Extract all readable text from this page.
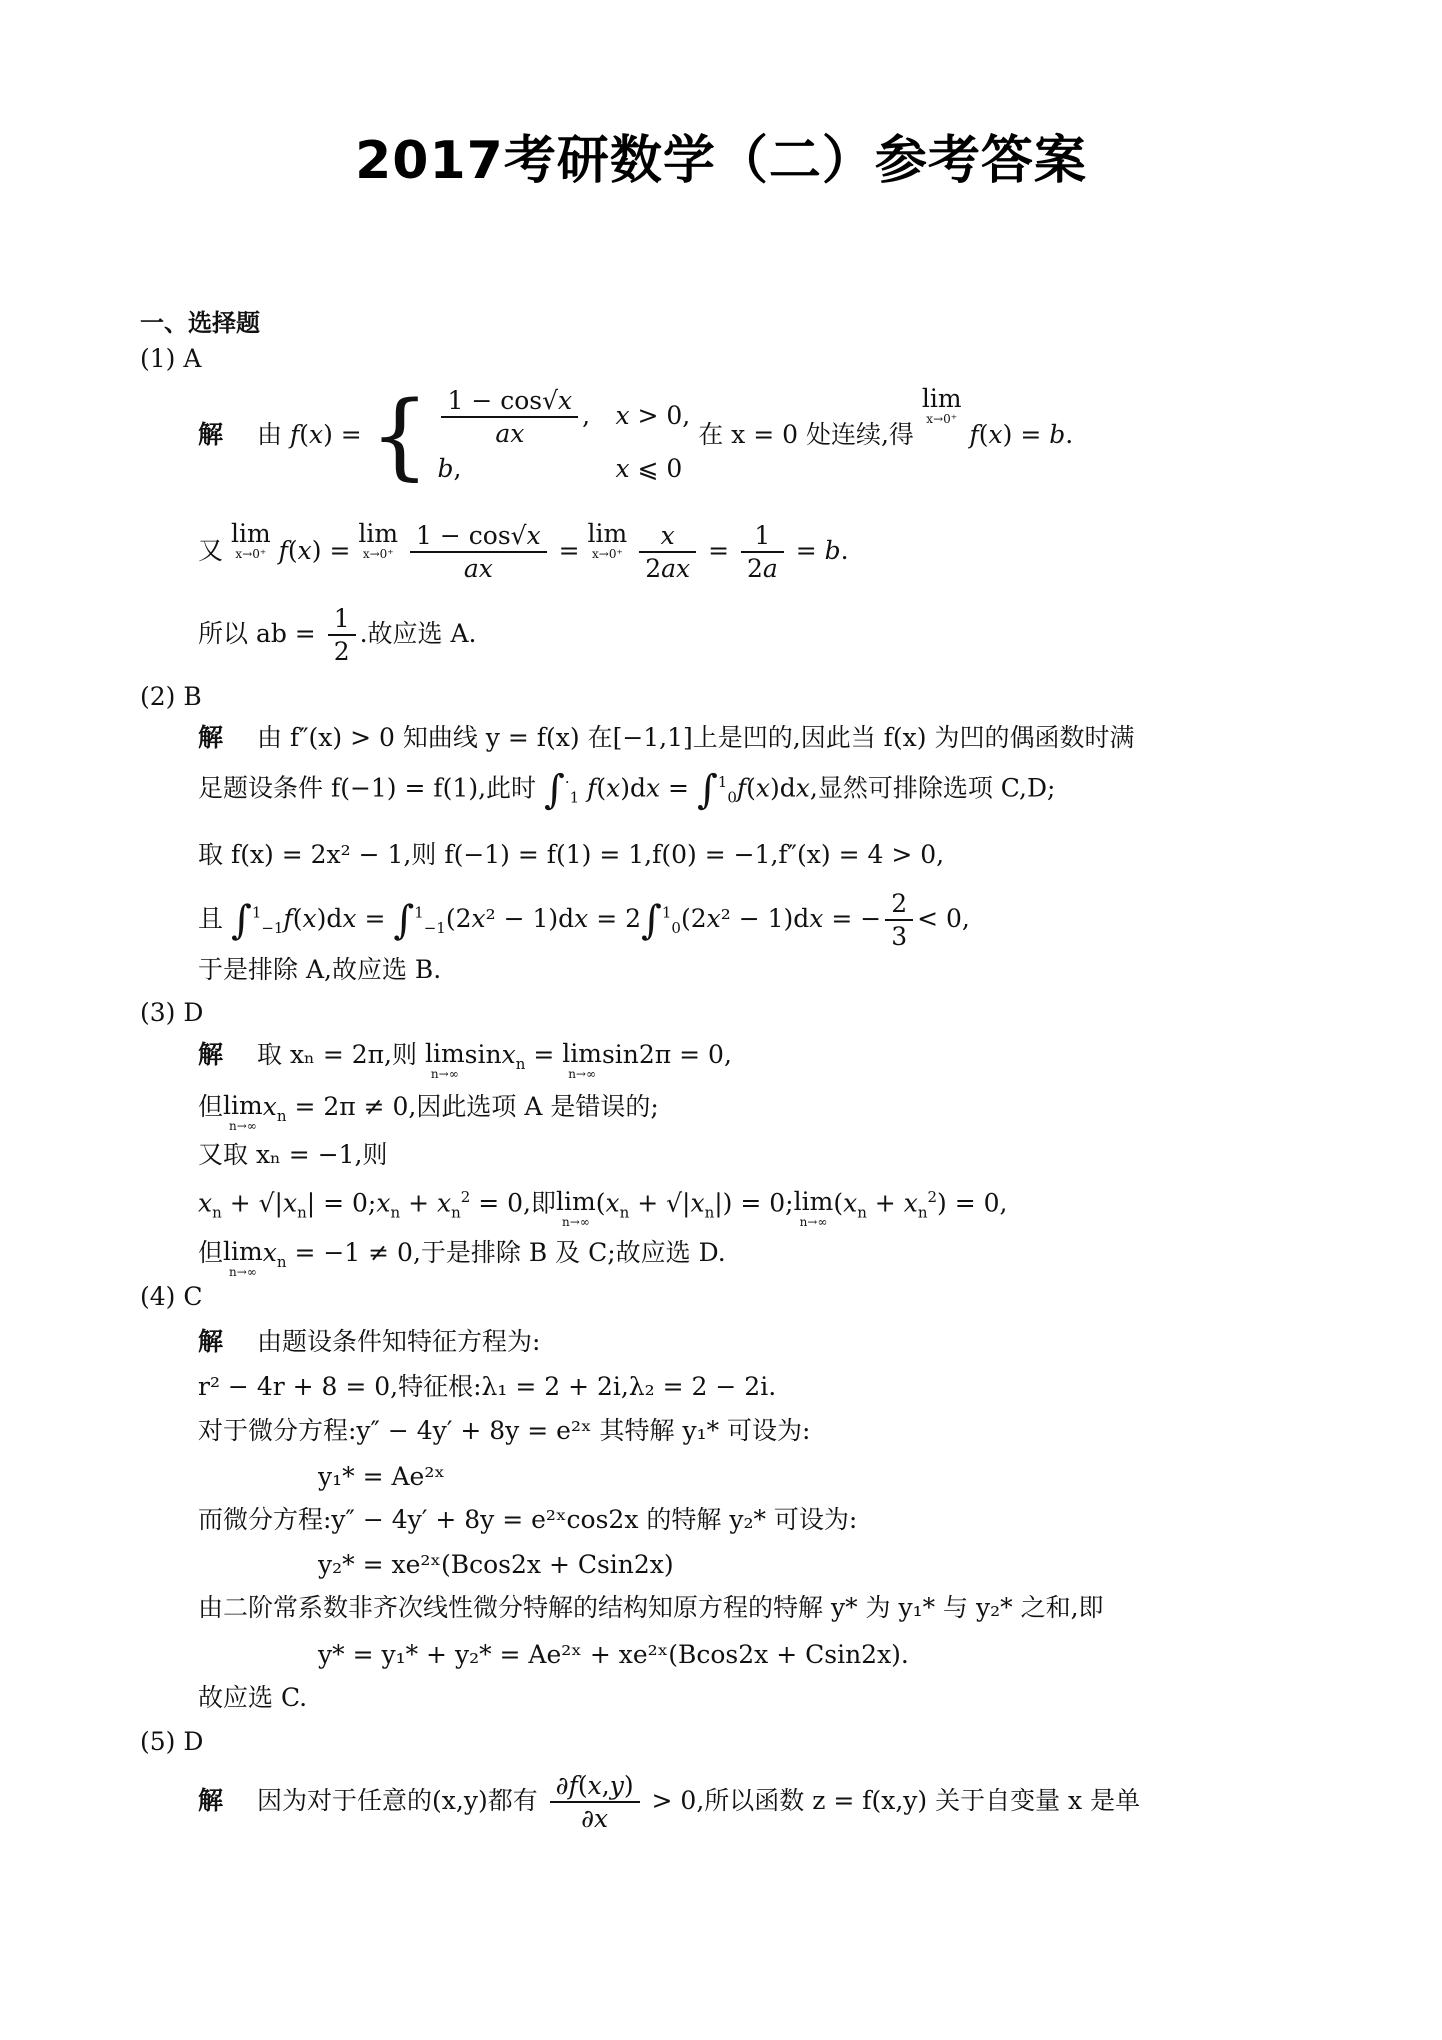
2017考研数学（二）参考答案
一、选择题
(1) A
解 由 f(x) = { $\frac{1 - \cos√x}{ax}$ , x > 0,
b,	x ⩽ 0
在 x = 0 处连续,得 lim
x→0⁺
f(x) = b.
又 lim
x→0⁺ f(x) = lim
x→0⁺
$\frac{1 - \cos√x}{ax} = \lim$
x→0⁺
$\frac{x}{2ax} = \frac{1}{2a} = b$.
所以 ab = $\frac{1}{2}$ .故应选 A.
(2) B
解 由 f″(x) > 0 知曲线 y = f(x) 在[−1,1]上是凹的,因此当 f(x) 为凹的偶函数时满
足题设条件 f(−1) = f(1),此时 $\int^\cdot_1$ f(x)dx = ∫$^1_0$f(x)dx,显然可排除选项 C,D;
取 f(x) = 2x² − 1,则 f(−1) = f(1) = 1,f(0) = −1,f″(x) = 4 > 0,
且 ∫$^1_{-1}$f(x)dx = ∫$^1_{-1}$(2x² − 1)dx = 2∫$^1_0$(2x² − 1)dx = − $\frac{2}{3} < 0$,
于是排除 A,故应选 B.
(3) D
解 取 xₙ = 2π,则 lim
n→∞
sinx$_n$ = lim
n→∞
sin2π = 0,
但lim
n→∞
$x_n = 2\pi \ne 0$,因此选项 A 是错误的;
又取 xₙ = −1,则
$x_n + √|x_n|$ = $0;x_n + x_n^2 = 0$,即lim
n→∞
$(x_n + √|x_n|)$ = 0;lim
n→∞
$(x_n + x_n^2) = 0$,
但lim
n→∞
$x_n = -1 \ne 0$,于是排除 B 及 C;故应选 D.
(4) C
解 由题设条件知特征方程为:
r² − 4r + 8 = 0,特征根:λ₁ = 2 + 2i,λ₂ = 2 − 2i.
对于微分方程:y″ − 4y′ + 8y = e²ˣ 其特解 y₁* 可设为:
y₁* = Ae²ˣ
而微分方程:y″ − 4y′ + 8y = e²ˣcos2x 的特解 y₂* 可设为:
y₂* = xe²ˣ(Bcos2x + Csin2x)
由二阶常系数非齐次线性微分特解的结构知原方程的特解 y* 为 y₁* 与 y₂* 之和,即
y* = y₁* + y₂* = Ae²ˣ + xe²ˣ(Bcos2x + Csin2x).
故应选 C.
(5) D
解 因为对于任意的(x,y)都有 $\frac{\partial f(x,y)}{\partial x} > 0$,所以函数 z = f(x,y) 关于自变量 x 是单
